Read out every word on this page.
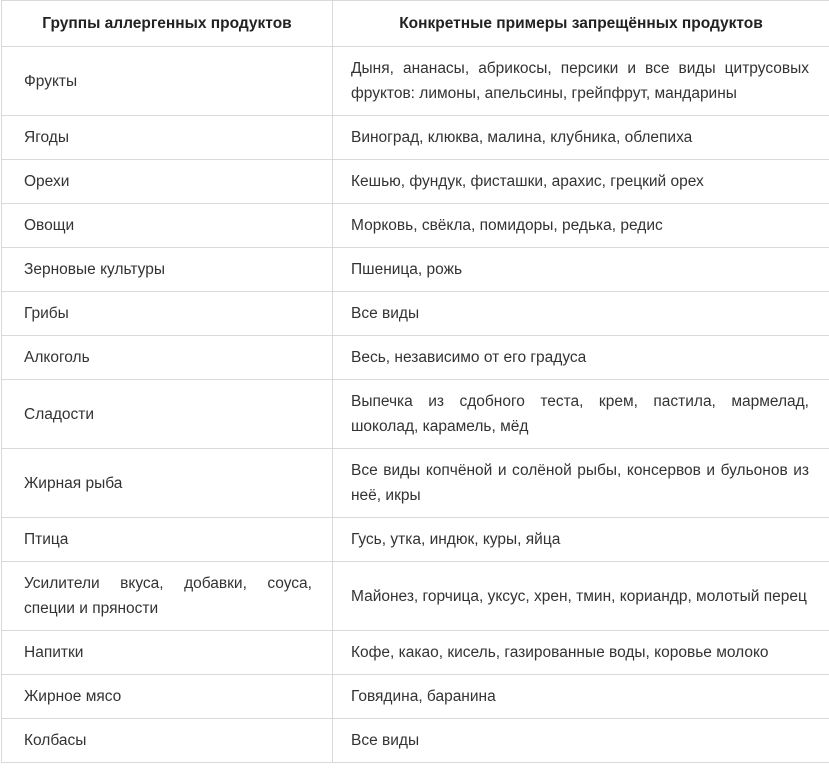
Группы аллергенных продуктов	Конкретные примеры запрещённых продуктов
Фрукты	Дыня, ананасы, абрикосы, персики и все виды цитрусовых фруктов: лимоны, апельсины, грейпфрут, мандарины
Ягоды	Виноград, клюква, малина, клубника, облепиха
Орехи	Кешью, фундук, фисташки, арахис, грецкий орех
Овощи	Морковь, свёкла, помидоры, редька, редис
Зерновые культуры	Пшеница, рожь
Грибы	Все виды
Алкоголь	Весь, независимо от его градуса
Сладости	Выпечка из сдобного теста, крем, пастила, мармелад, шоколад, карамель, мёд
Жирная рыба	Все виды копчёной и солёной рыбы, консервов и бульонов из неё, икры
Птица	Гусь, утка, индюк, куры, яйца
Усилители вкуса, добавки, соуса, специи и пряности	Майонез, горчица, уксус, хрен, тмин, кориандр, молотый перец
Напитки	Кофе, какао, кисель, газированные воды, коровье молоко
Жирное мясо	Говядина, баранина
Колбасы	Все виды
